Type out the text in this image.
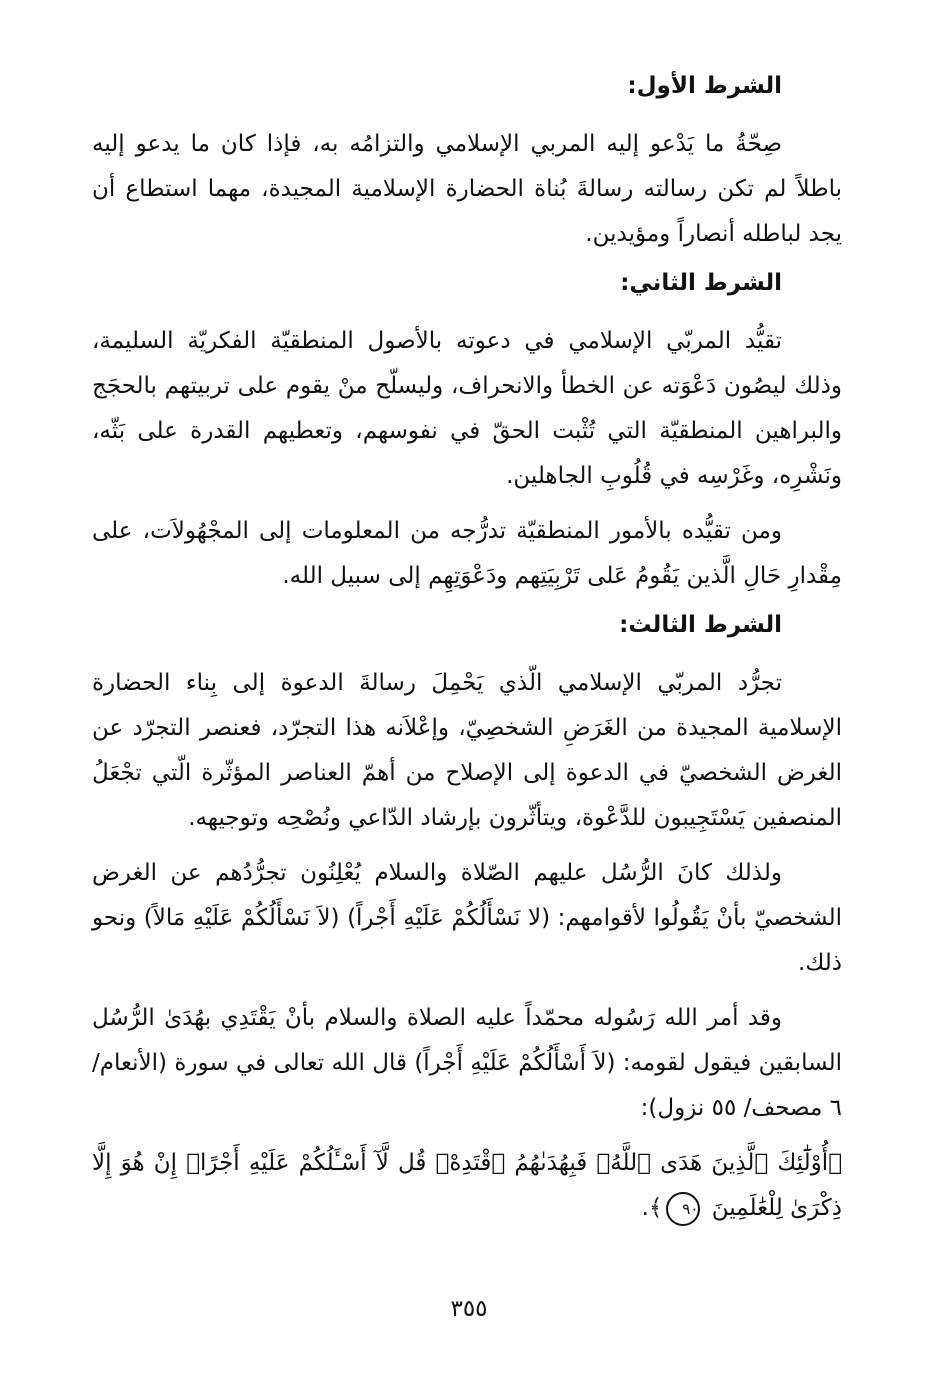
الشرط الأول:

صِحّةُ ما يَدْعو إليه المربي الإسلامي والتزامُه به، فإذا كان ما يدعو إليه باطلاً لم تكن رسالته رسالةَ بُناة الحضارة الإسلامية المجيدة، مهما استطاع أن يجد لباطله أنصاراً ومؤيدين.

الشرط الثاني:

تقيُّد المربّي الإسلامي في دعوته بالأصول المنطقيّة الفكريّة السليمة، وذلك ليصُون دَعْوَته عن الخطأ والانحراف، وليسلّح منْ يقوم على تربيتهم بالحجَج والبراهين المنطقيّة التي تُثْبت الحقّ في نفوسهم، وتعطيهم القدرة على بَثّه، ونَشْرِه، وغَرْسِه في قُلُوبِ الجاهلين.

ومن تقيُّده بالأمور المنطقيّة تدرُّجه من المعلومات إلى المجْهُولاَت، على مِقْدارِ حَالِ الَّذين يَقُومُ عَلى تَرْبِيَتِهم ودَعْوَتِهِم إلى سبيل الله.

الشرط الثالث:

تجرُّد المربّي الإسلامي الّذي يَحْمِلَ رسالةَ الدعوة إلى بِناء الحضارة الإسلامية المجيدة من الغَرَضِ الشخصِيّ، وإعْلاَنه هذا التجرّد، فعنصر التجرّد عن الغرض الشخصيّ في الدعوة إلى الإصلاح من أهمّ العناصر المؤثّرة الّتي تجْعَلُ المنصفين يَسْتَجِيبون للدَّعْوة، ويتأثّرون بإرشاد الدّاعي ونُصْحِه وتوجيهه.

ولذلك كانَ الرُّسُل عليهم الصّلاة والسلام يُعْلِنُون تجرُّدُهم عن الغرض الشخصيّ بأنْ يَقُولُوا لأقوامهم: (لا نَسْأَلُكُمْ عَلَيْهِ أَجْراً) (لاَ نَسْأَلُكُمْ عَلَيْهِ مَالاً) ونحو ذلك.

وقد أمر الله رَسُوله محمّداً عليه الصلاة والسلام بأنْ يَقْتَدِي بهُدَىٰ الرُّسُل السابقين فيقول لقومه: (لاَ أَسْأَلُكُمْ عَلَيْهِ أَجْراً) قال الله تعالى في سورة (الأنعام/ ٦ مصحف/ ٥٥ نزول):

﴿أُوْلَٰٓئِكَ ٱلَّذِينَ هَدَى ٱللَّهُۖ فَبِهُدَىٰهُمُ ٱقْتَدِهْۗ قُل لَّآ أَسْـَٔلُكُمْ عَلَيْهِ أَجْرًاۖ إِنْ هُوَ إِلَّا ذِكْرَىٰ لِلْعَٰلَمِينَ ٩٠﴾.

٣٥٥
